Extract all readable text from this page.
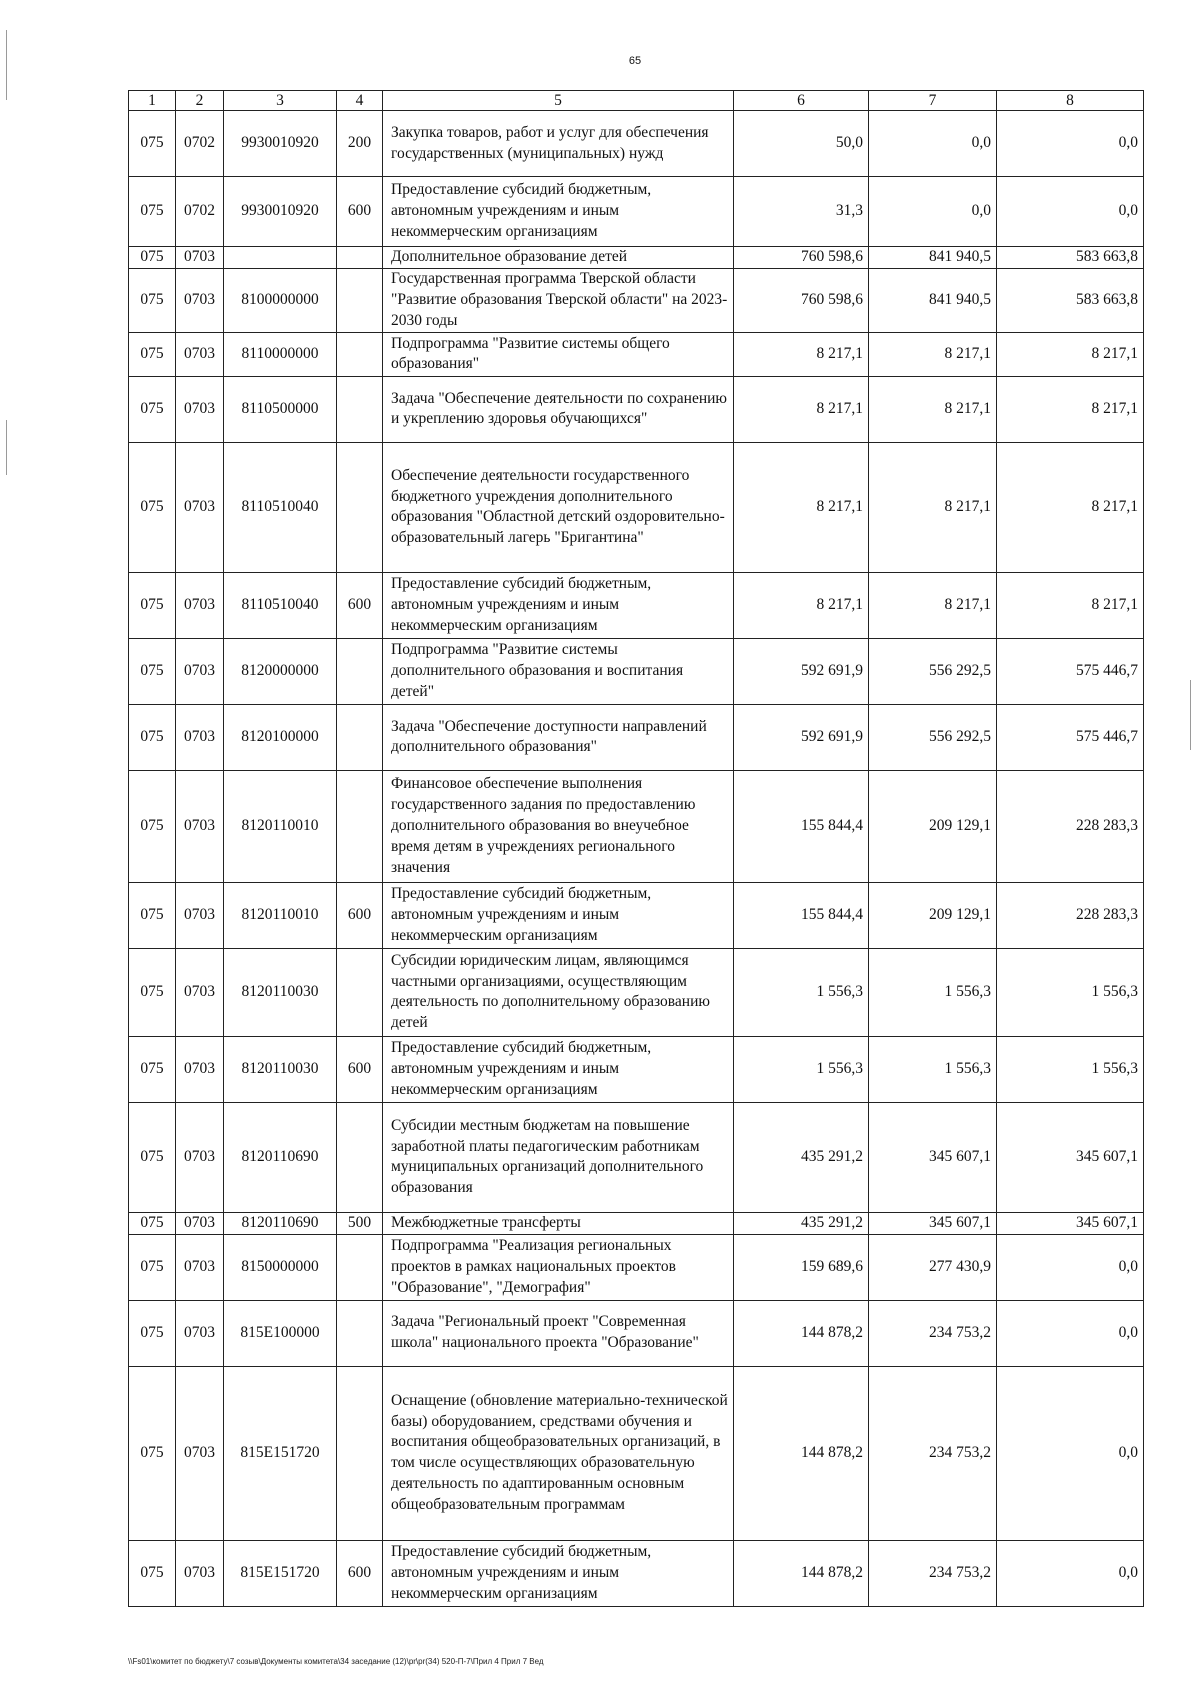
65
1	2	3	4	5	6	7	8
075	0702	9930010920	200	Закупка товаров, работ и услуг для обеспечения государственных (муниципальных) нужд	50,0	0,0	0,0
075	0702	9930010920	600	Предоставление субсидий бюджетным, автономным учреждениям и иным некоммерческим организациям	31,3	0,0	0,0
075	0703			Дополнительное образование детей	760 598,6	841 940,5	583 663,8
075	0703	8100000000		Государственная программа Тверской области "Развитие образования Тверской области" на 2023-2030 годы	760 598,6	841 940,5	583 663,8
075	0703	8110000000		Подпрограмма "Развитие системы общего образования"	8 217,1	8 217,1	8 217,1
075	0703	8110500000		Задача "Обеспечение деятельности по сохранению и укреплению здоровья обучающихся"	8 217,1	8 217,1	8 217,1
075	0703	8110510040		Обеспечение деятельности государственного бюджетного учреждения дополнительного образования "Областной детский оздоровительно-образовательный лагерь "Бригантина"	8 217,1	8 217,1	8 217,1
075	0703	8110510040	600	Предоставление субсидий бюджетным, автономным учреждениям и иным некоммерческим организациям	8 217,1	8 217,1	8 217,1
075	0703	8120000000		Подпрограмма "Развитие системы дополнительного образования и воспитания детей"	592 691,9	556 292,5	575 446,7
075	0703	8120100000		Задача "Обеспечение доступности направлений дополнительного образования"	592 691,9	556 292,5	575 446,7
075	0703	8120110010		Финансовое обеспечение выполнения государственного задания по предоставлению дополнительного образования во внеучебное время детям в учреждениях регионального значения	155 844,4	209 129,1	228 283,3
075	0703	8120110010	600	Предоставление субсидий бюджетным, автономным учреждениям и иным некоммерческим организациям	155 844,4	209 129,1	228 283,3
075	0703	8120110030		Субсидии юридическим лицам, являющимся частными организациями, осуществляющим деятельность по дополнительному образованию детей	1 556,3	1 556,3	1 556,3
075	0703	8120110030	600	Предоставление субсидий бюджетным, автономным учреждениям и иным некоммерческим организациям	1 556,3	1 556,3	1 556,3
075	0703	8120110690		Субсидии местным бюджетам на повышение заработной платы педагогическим работникам муниципальных организаций дополнительного образования	435 291,2	345 607,1	345 607,1
075	0703	8120110690	500	Межбюджетные трансферты	435 291,2	345 607,1	345 607,1
075	0703	8150000000		Подпрограмма "Реализация региональных проектов в рамках национальных проектов "Образование", "Демография"	159 689,6	277 430,9	0,0
075	0703	815E100000		Задача "Региональный проект "Современная школа" национального проекта "Образование"	144 878,2	234 753,2	0,0
075	0703	815E151720		Оснащение (обновление материально-технической базы) оборудованием, средствами обучения и воспитания общеобразовательных организаций, в том числе осуществляющих образовательную деятельность по адаптированным основным общеобразовательным программам	144 878,2	234 753,2	0,0
075	0703	815E151720	600	Предоставление субсидий бюджетным, автономным учреждениям и иным некоммерческим организациям	144 878,2	234 753,2	0,0
\\Fs01\комитет по бюджету\7 созыв\Документы комитета\34 заседание (12)\pr\pr(34) 520-П-7\Прил 4 Прил 7 Вед
